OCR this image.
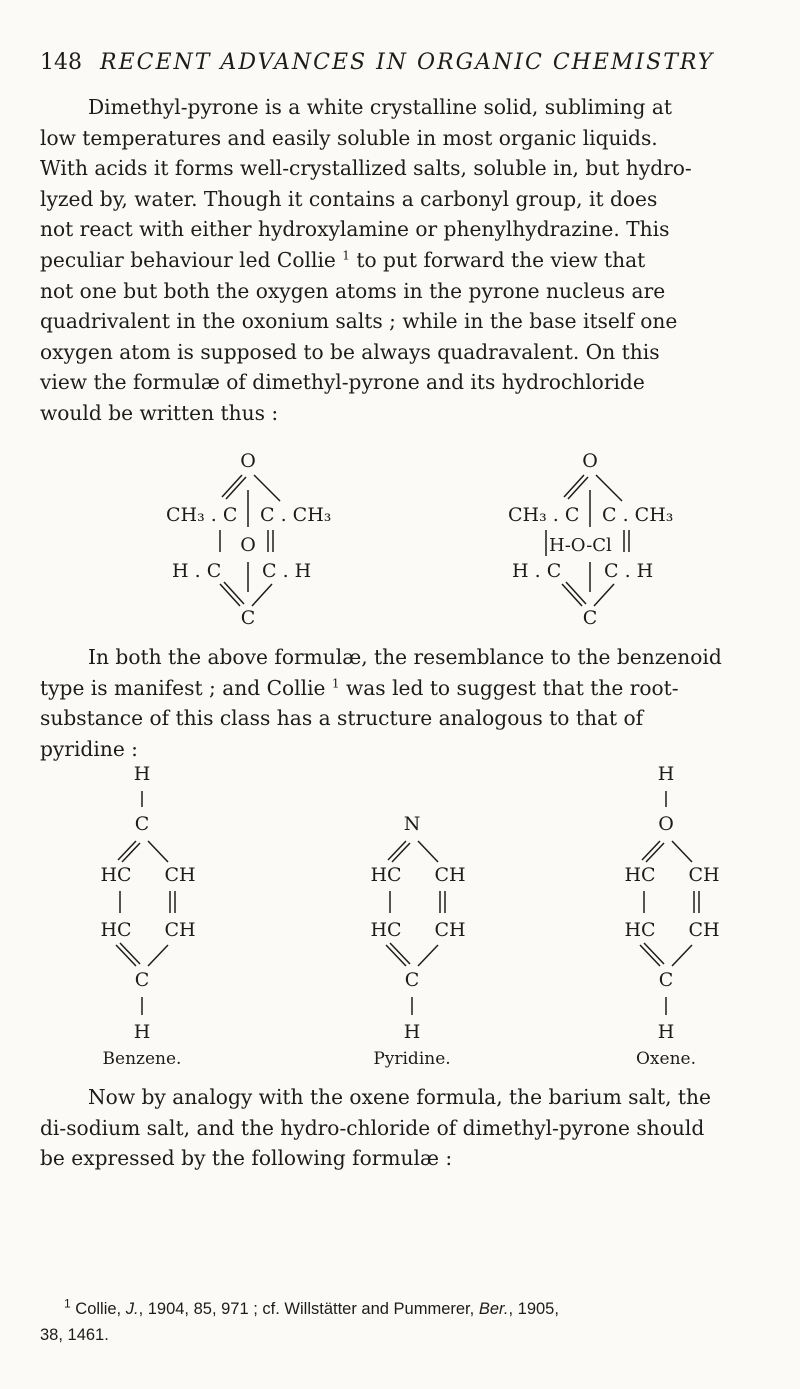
148 RECENT ADVANCES IN ORGANIC CHEMISTRY

Dimethyl-pyrone is a white crystalline solid, subliming at
low temperatures and easily soluble in most organic liquids.
With acids it forms well-crystallized salts, soluble in, but hydro-
lyzed by, water. Though it contains a carbonyl group, it does
not react with either hydroxylamine or phenylhydrazine. This
peculiar behaviour led Collie $^1$ to put forward the view that
not one but both the oxygen atoms in the pyrone nucleus are
quadrivalent in the oxonium salts ; while in the base itself one
oxygen atom is supposed to be always quadravalent. On this
view the formulæ of dimethyl-pyrone and its hydrochloride
would be written thus :

O
CH₃ . C C . CH₃
O
H . C C . H
C
O
CH₃ . C C . CH₃
H-O-Cl
H . C C . H
C
H
C
HC CH
HC CH
C
H
Benzene.
N
HC CH
HC CH
C
H
Pyridine.
H
O
HC CH
HC CH
C
H
Oxene.

In both the above formulæ, the resemblance to the benzenoid
type is manifest ; and Collie $^1$ was led to suggest that the root-
substance of this class has a structure analogous to that of
pyridine :

Now by analogy with the oxene formula, the barium salt, the
di-sodium salt, and the hydro-chloride of dimethyl-pyrone should
be expressed by the following formulæ :

$^1$ Collie, J., 1904, 85, 971 ; cf. Willstätter and Pummerer, Ber., 1905,
38, 1461.
